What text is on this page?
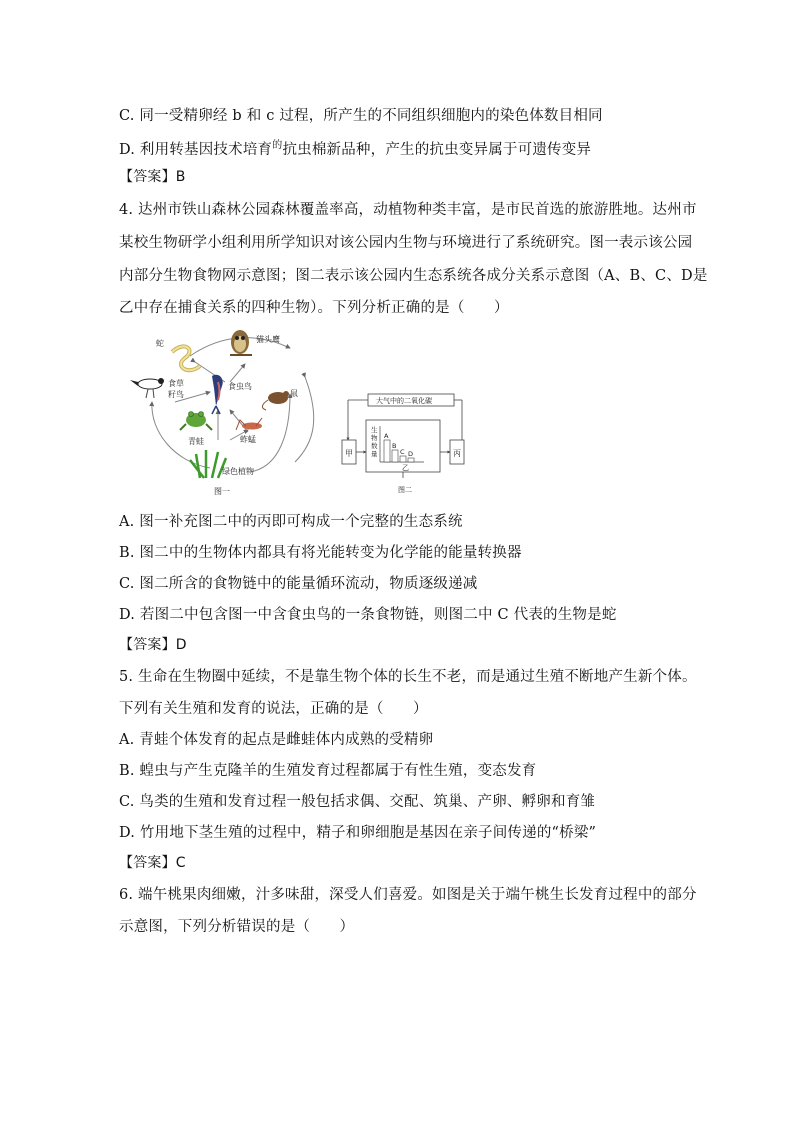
C. 同一受精卵经 b 和 c 过程，所产生的不同组织细胞内的染色体数目相同
D. 利用转基因技术培育$^的$抗虫棉新品种，产生的抗虫变异属于可遗传变异
【答案】B
4. 达州市铁山森林公园森林覆盖率高，动植物种类丰富，是市民首选的旅游胜地。达州市
某校生物研学小组利用所学知识对该公园内生物与环境进行了系统研究。图一表示该公园
内部分生物食物网示意图；图二表示该公园内生态系统各成分关系示意图（A、B、C、D是
乙中存在捕食关系的四种生物）。下列分析正确的是（　　）
蛇	猫头鹰
食草
籽鸟
食虫鸟
鼠
青蛙	蚱蜢
绿色植物
图一
大气中的二氧化碳
甲	丙
生
物
数
量
A
B
C D
乙
图二
A. 图一补充图二中的丙即可构成一个完整的生态系统
B. 图二中的生物体内都具有将光能转变为化学能的能量转换器
C. 图二所含的食物链中的能量循环流动，物质逐级递减
D. 若图二中包含图一中含食虫鸟的一条食物链，则图二中 C 代表的生物是蛇
【答案】D
5. 生命在生物圈中延续，不是靠生物个体的长生不老，而是通过生殖不断地产生新个体。
下列有关生殖和发育的说法，正确的是（　　）
A. 青蛙个体发育的起点是雌蛙体内成熟的受精卵
B. 蝗虫与产生克隆羊的生殖发育过程都属于有性生殖，变态发育
C. 鸟类的生殖和发育过程一般包括求偶、交配、筑巢、产卵、孵卵和育雏
D. 竹用地下茎生殖的过程中，精子和卵细胞是基因在亲子间传递的“桥梁”
【答案】C
6. 端午桃果肉细嫩，汁多味甜，深受人们喜爱。如图是关于端午桃生长发育过程中的部分
示意图，下列分析错误的是（　　）
